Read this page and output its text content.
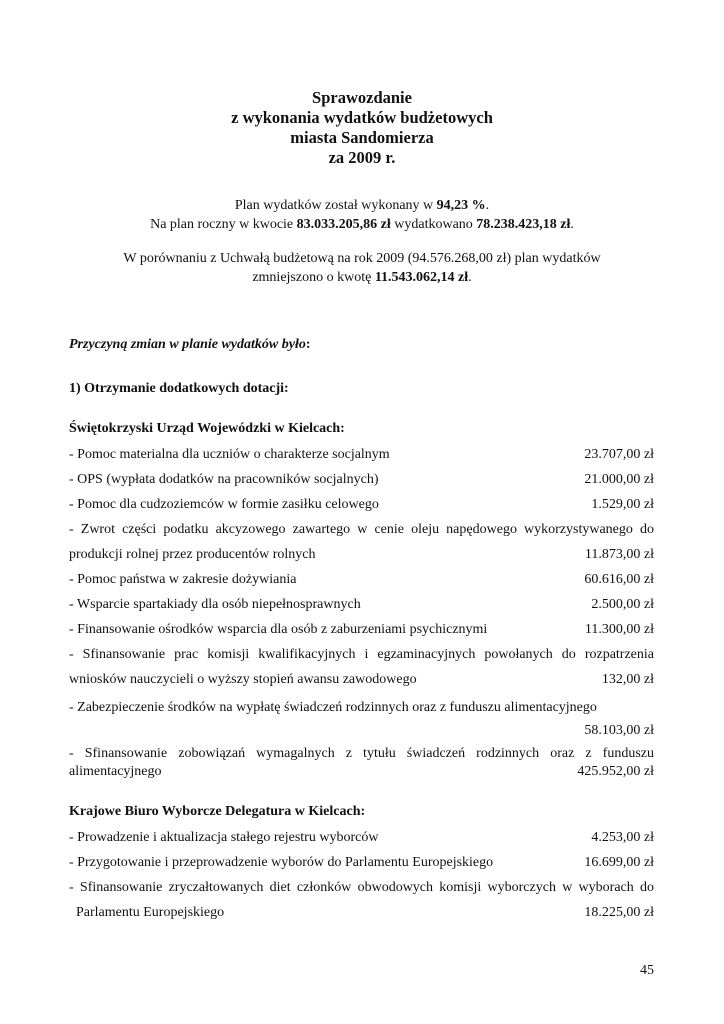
Sprawozdanie
z wykonania wydatków budżetowych
miasta Sandomierza
za 2009 r.
Plan wydatków został wykonany w 94,23 %.
Na plan roczny w kwocie 83.033.205,86 zł wydatkowano 78.238.423,18 zł.
W porównaniu z Uchwałą budżetową na rok 2009 (94.576.268,00 zł) plan wydatków
zmniejszono o kwotę 11.543.062,14 zł.
Przyczyną zmian w planie wydatków było:
1) Otrzymanie dodatkowych dotacji:
Świętokrzyski Urząd Wojewódzki w Kielcach:
- Pomoc materialna dla uczniów o charakterze socjalnym	23.707,00 zł
- OPS (wypłata dodatków na pracowników socjalnych)	21.000,00 zł
- Pomoc dla cudzoziemców w formie zasiłku celowego	1.529,00 zł
- Zwrot części podatku akcyzowego zawartego w cenie oleju napędowego wykorzystywanego do
produkcji rolnej przez producentów rolnych	11.873,00 zł
- Pomoc państwa w zakresie dożywiania	60.616,00 zł
- Wsparcie spartakiady dla osób niepełnosprawnych	2.500,00 zł
- Finansowanie ośrodków wsparcia dla osób z zaburzeniami psychicznymi	11.300,00 zł
- Sfinansowanie prac komisji kwalifikacyjnych i egzaminacyjnych powołanych do rozpatrzenia
wniosków nauczycieli o wyższy stopień awansu zawodowego	132,00 zł
- Zabezpieczenie środków na wypłatę świadczeń rodzinnych oraz z funduszu alimentacyjnego
58.103,00 zł
- Sfinansowanie zobowiązań wymagalnych z tytułu świadczeń rodzinnych oraz z funduszu
alimentacyjnego	425.952,00 zł
Krajowe Biuro Wyborcze Delegatura w Kielcach:
- Prowadzenie i aktualizacja stałego rejestru wyborców	4.253,00 zł
- Przygotowanie i przeprowadzenie wyborów do Parlamentu Europejskiego	16.699,00 zł
- Sfinansowanie zryczałtowanych diet członków obwodowych komisji wyborczych w wyborach do
Parlamentu Europejskiego	18.225,00 zł
45
